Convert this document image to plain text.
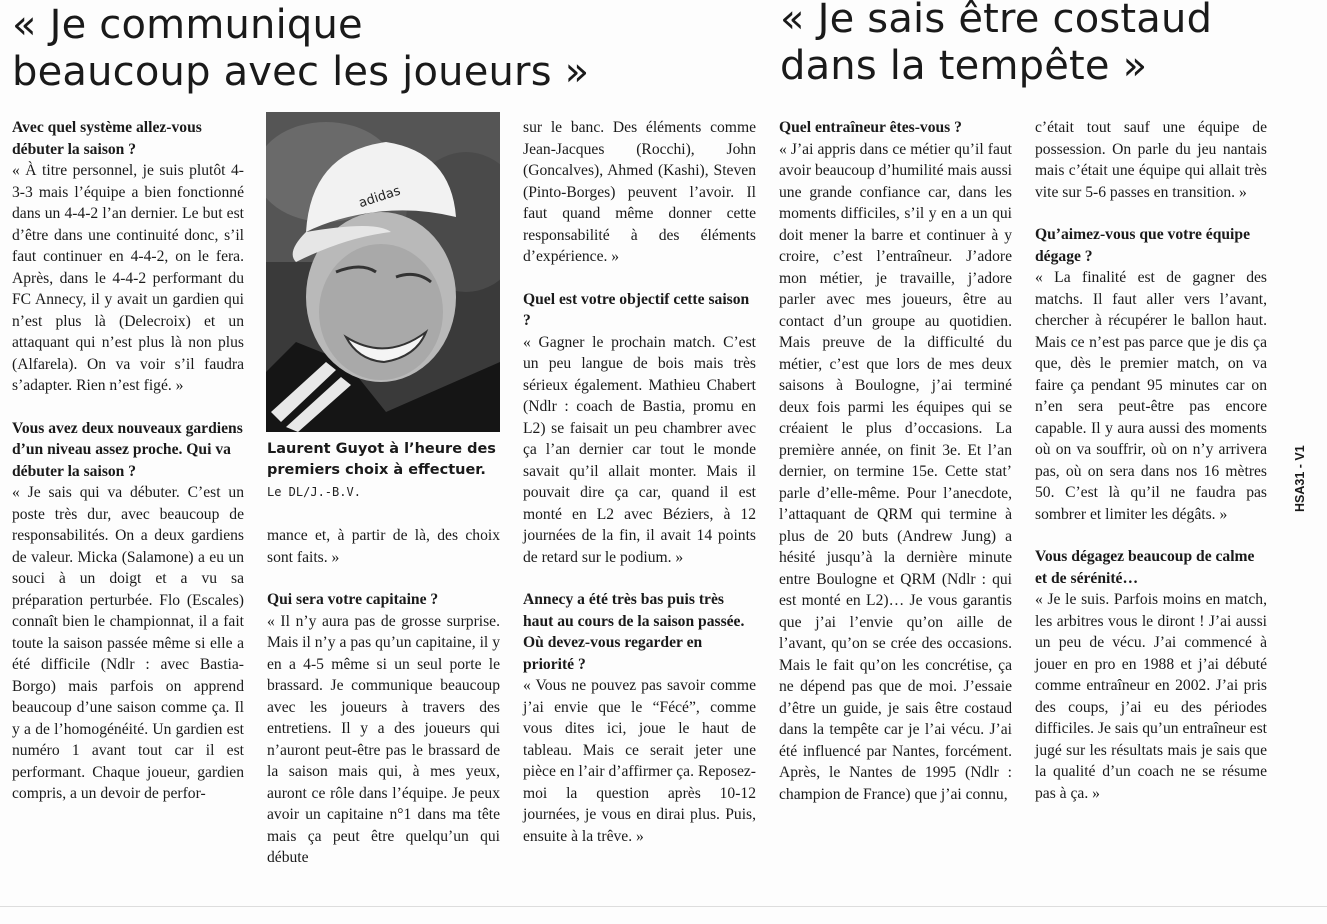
« Je communique
beaucoup avec les joueurs »
« Je sais être costaud
dans la tempête »

Avec quel système allez-vous débuter la saison ?

« À titre personnel, je suis plutôt 4-3-3 mais l’équipe a bien fonctionné dans un 4-4-2 l’an dernier. Le but est d’être dans une continuité donc, s’il faut continuer en 4-4-2, on le fera. Après, dans le 4-4-2 performant du FC Annecy, il y avait un gardien qui n’est plus là (Delecroix) et un attaquant qui n’est plus là non plus (Alfarela). On va voir s’il faudra s’adapter. Rien n’est figé. »

Vous avez deux nouveaux gardiens d’un niveau assez proche. Qui va débuter la saison ?

« Je sais qui va débuter. C’est un poste très dur, avec beaucoup de responsabilités. On a deux gardiens de valeur. Micka (Salamone) a eu un souci à un doigt et a vu sa préparation perturbée. Flo (Escales) connaît bien le championnat, il a fait toute la saison passée même si elle a été difficile (Ndlr : avec Bastia-Borgo) mais parfois on apprend beaucoup d’une saison comme ça. Il y a de l’homogénéité. Un gardien est numéro 1 avant tout car il est performant. Chaque joueur, gardien compris, a un devoir de perfor-

adidas
Laurent Guyot à l’heure des premiers choix à effectuer.
Le DL/J.-B.V.

mance et, à partir de là, des choix sont faits. »

Qui sera votre capitaine ?

« Il n’y aura pas de grosse surprise. Mais il n’y a pas qu’un capitaine, il y en a 4-5 même si un seul porte le brassard. Je communique beaucoup avec les joueurs à travers des entretiens. Il y a des joueurs qui n’auront peut-être pas le brassard de la saison mais qui, à mes yeux, auront ce rôle dans l’équipe. Je peux avoir un capitaine n°1 dans ma tête mais ça peut être quelqu’un qui débute

sur le banc. Des éléments comme Jean-Jacques (Rocchi), John (Goncalves), Ahmed (Kashi), Steven (Pinto-Borges) peuvent l’avoir. Il faut quand même donner cette responsabilité à des éléments d’expérience. »

Quel est votre objectif cette saison ?

« Gagner le prochain match. C’est un peu langue de bois mais très sérieux également. Mathieu Chabert (Ndlr : coach de Bastia, promu en L2) se faisait un peu chambrer avec ça l’an dernier car tout le monde savait qu’il allait monter. Mais il pouvait dire ça car, quand il est monté en L2 avec Béziers, à 12 journées de la fin, il avait 14 points de retard sur le podium. »

Annecy a été très bas puis très haut au cours de la saison passée. Où devez-vous regarder en priorité ?

« Vous ne pouvez pas savoir comme j’ai envie que le “Fécé”, comme vous dites ici, joue le haut de tableau. Mais ce serait jeter une pièce en l’air d’affirmer ça. Reposez-moi la question après 10-12 journées, je vous en dirai plus. Puis, ensuite à la trêve. »

Quel entraîneur êtes-vous ?

« J’ai appris dans ce métier qu’il faut avoir beaucoup d’humilité mais aussi une grande confiance car, dans les moments difficiles, s’il y en a un qui doit mener la barre et continuer à y croire, c’est l’entraîneur. J’adore mon métier, je travaille, j’adore parler avec mes joueurs, être au contact d’un groupe au quotidien. Mais preuve de la difficulté du métier, c’est que lors de mes deux saisons à Boulogne, j’ai terminé deux fois parmi les équipes qui se créaient le plus d’occasions. La première année, on finit 3e. Et l’an dernier, on termine 15e. Cette stat’ parle d’elle-même. Pour l’anecdote, l’attaquant de QRM qui termine à plus de 20 buts (Andrew Jung) a hésité jusqu’à la dernière minute entre Boulogne et QRM (Ndlr : qui est monté en L2)… Je vous garantis que j’ai l’envie qu’on aille de l’avant, qu’on se crée des occasions. Mais le fait qu’on les concrétise, ça ne dépend pas que de moi. J’essaie d’être un guide, je sais être costaud dans la tempête car je l’ai vécu. J’ai été influencé par Nantes, forcément. Après, le Nantes de 1995 (Ndlr : champion de France) que j’ai connu,

c’était tout sauf une équipe de possession. On parle du jeu nantais mais c’était une équipe qui allait très vite sur 5-6 passes en transition. »

Qu’aimez-vous que votre équipe dégage ?

« La finalité est de gagner des matchs. Il faut aller vers l’avant, chercher à récupérer le ballon haut. Mais ce n’est pas parce que je dis ça que, dès le premier match, on va faire ça pendant 95 minutes car on n’en sera peut-être pas encore capable. Il y aura aussi des moments où on va souffrir, où on n’y arrivera pas, où on sera dans nos 16 mètres 50. C’est là qu’il ne faudra pas sombrer et limiter les dégâts. »

Vous dégagez beaucoup de calme et de sérénité…

« Je le suis. Parfois moins en match, les arbitres vous le diront ! J’ai aussi un peu de vécu. J’ai commencé à jouer en pro en 1988 et j’ai débuté comme entraîneur en 2002. J’ai pris des coups, j’ai eu des périodes difficiles. Je sais qu’un entraîneur est jugé sur les résultats mais je sais que la qualité d’un coach ne se résume pas à ça. »

HSA31 - V1
